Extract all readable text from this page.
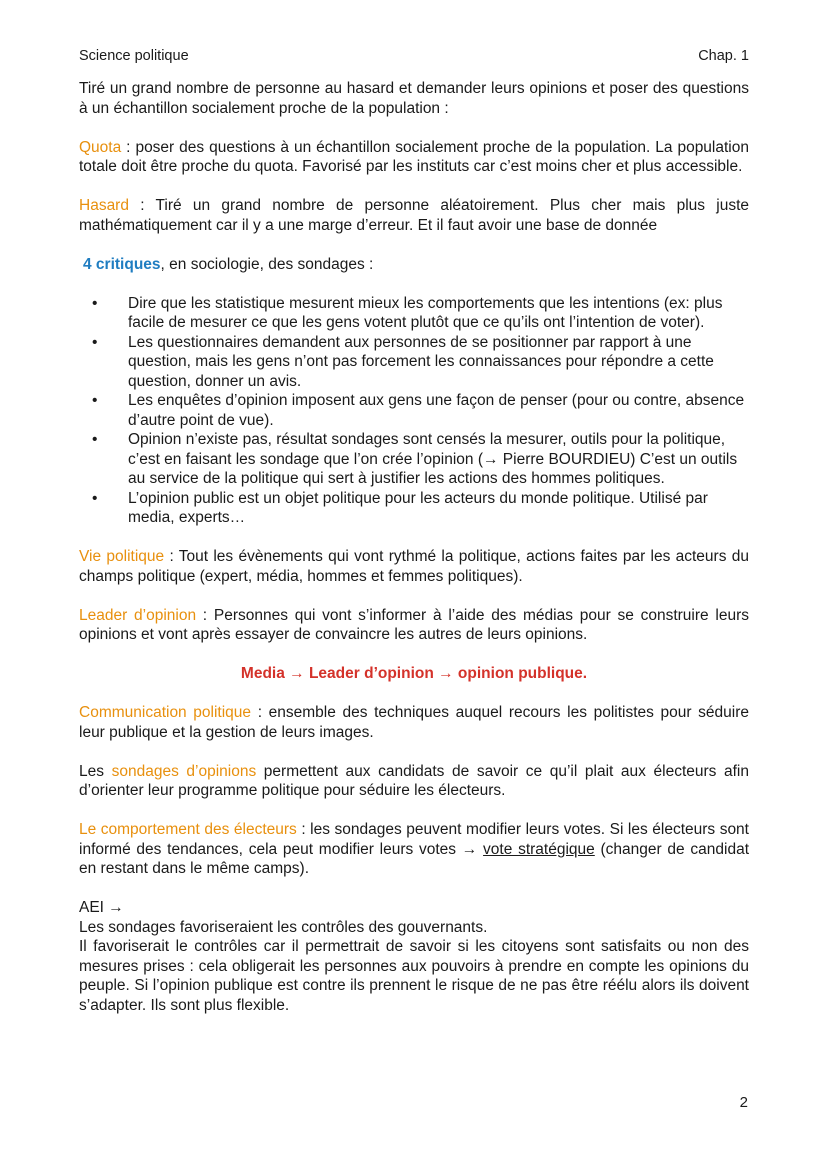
Science politique	Chap. 1

Tiré un grand nombre de personne au hasard et demander leurs opinions et poser des questions à un échantillon socialement proche de la population :

Quota : poser des questions à un échantillon socialement proche de la population. La population totale doit être proche du quota. Favorisé par les instituts car c’est moins cher et plus accessible.

Hasard : Tiré un grand nombre de personne aléatoirement. Plus cher mais plus juste mathématiquement car il y a une marge d’erreur. Et il faut avoir une base de donnée

4 critiques, en sociologie, des sondages :

• Dire que les statistique mesurent mieux les comportements que les intentions (ex: plus facile de mesurer ce que les gens votent plutôt que ce qu’ils ont l’intention de voter).
• Les questionnaires demandent aux personnes de se positionner par rapport à une question, mais les gens n’ont pas forcement les connaissances pour répondre a cette question, donner un avis.
• Les enquêtes d’opinion imposent aux gens une façon de penser (pour ou contre, absence d’autre point de vue).
• Opinion n’existe pas, résultat sondages sont censés la mesurer, outils pour la politique, c’est en faisant les sondage que l’on crée l’opinion (→ Pierre BOURDIEU) C’est un outils au service de la politique qui sert à justifier les actions des hommes politiques.
• L’opinion public est un objet politique pour les acteurs du monde politique. Utilisé par media, experts…

Vie politique : Tout les évènements qui vont rythmé la politique, actions faites par les acteurs du champs politique (expert, média, hommes et femmes politiques).

Leader d’opinion : Personnes qui vont s’informer à l’aide des médias pour se construire leurs opinions et vont après essayer de convaincre les autres de leurs opinions.

Media → Leader d’opinion → opinion publique.

Communication politique : ensemble des techniques auquel recours les politistes pour séduire leur publique et la gestion de leurs images.

Les sondages d’opinions permettent aux candidats de savoir ce qu’il plait aux électeurs afin d’orienter leur programme politique pour séduire les électeurs.

Le comportement des électeurs : les sondages peuvent modifier leurs votes. Si les électeurs sont informé des tendances, cela peut modifier leurs votes → vote stratégique (changer de candidat en restant dans le même camps).

AEI →

Les sondages favoriseraient les contrôles des gouvernants.

Il favoriserait le contrôles car il permettrait de savoir si les citoyens sont satisfaits ou non des mesures prises : cela obligerait les personnes aux pouvoirs à prendre en compte les opinions du peuple. Si l’opinion publique est contre ils prennent le risque de ne pas être réélu alors ils doivent s’adapter. Ils sont plus flexible.

2
